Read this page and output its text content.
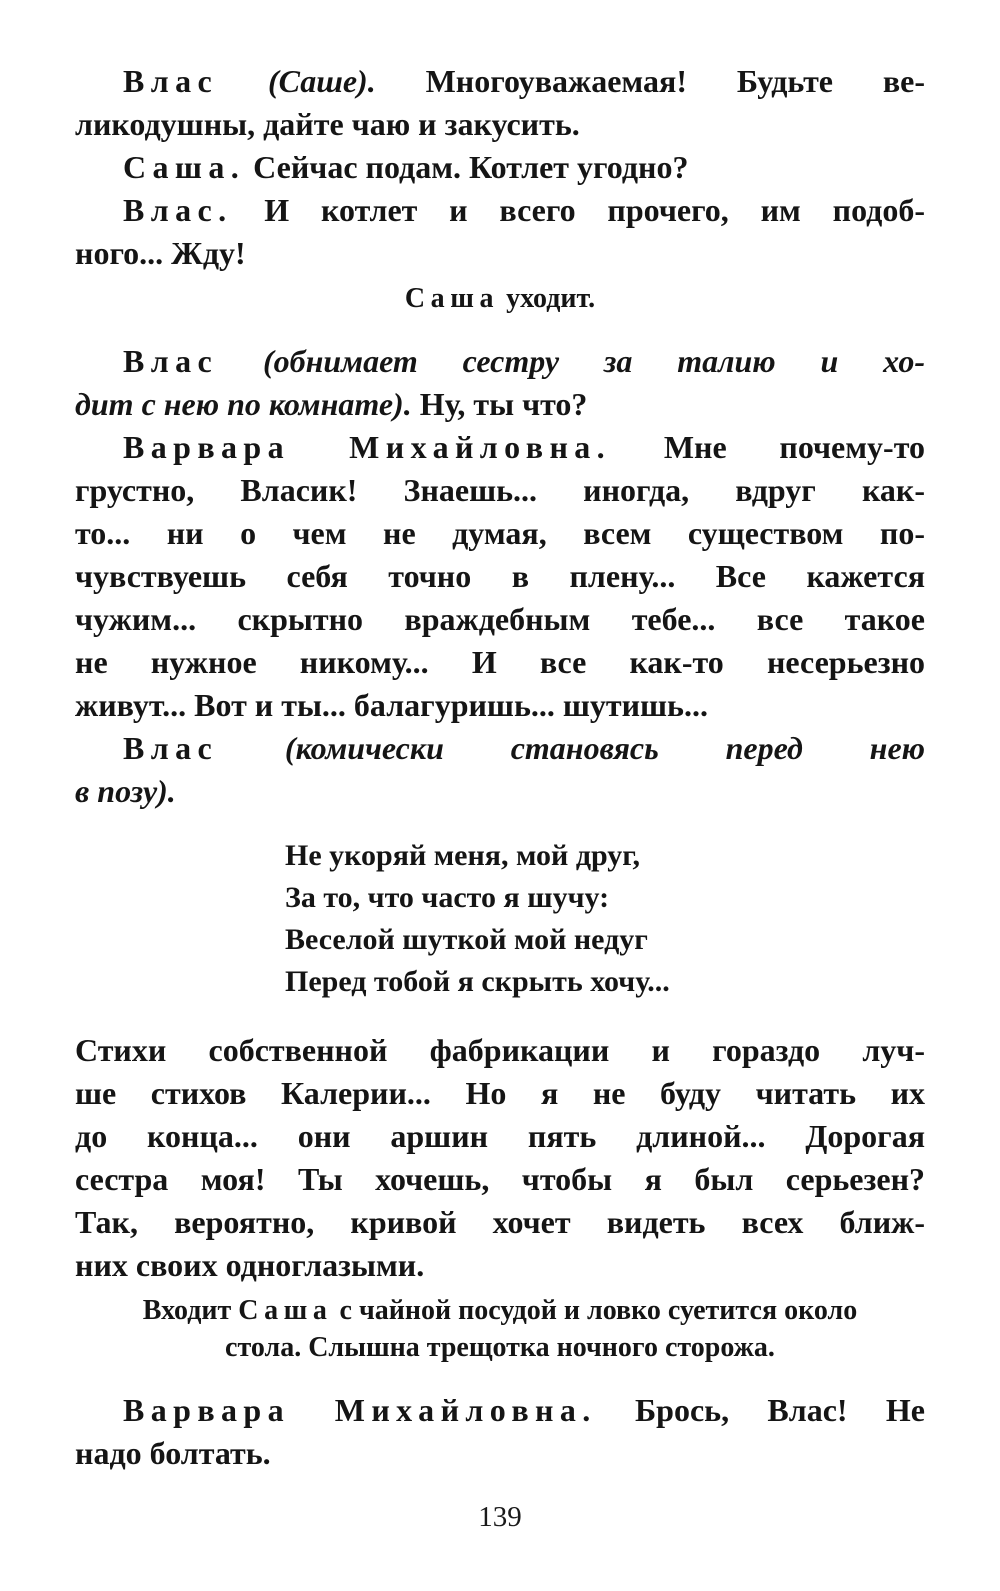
Влас (Саше). Многоуважаемая! Будьте ве-
ликодушны, дайте чаю и закусить.
Саша. Сейчас подам. Котлет угодно?
Влас. И котлет и всего прочего, им подоб-
ного... Жду!
Саша уходит.
Влас (обнимает сестру за талию и хо-
дит с нею по комнате). Ну, ты что?
Варвара Михайловна. Мне почему-то
грустно, Власик! Знаешь... иногда, вдруг как-
то... ни о чем не думая, всем существом по-
чувствуешь себя точно в плену... Все кажется
чужим... скрытно враждебным тебе... все такое
не нужное никому... И все как-то несерьезно
живут... Вот и ты... балагуришь... шутишь...
Влас (комически становясь перед нею
в позу).
Не укоряй меня, мой друг,
За то, что часто я шучу:
Веселой шуткой мой недуг
Перед тобой я скрыть хочу...
Стихи собственной фабрикации и гораздо луч-
ше стихов Калерии... Но я не буду читать их
до конца... они аршин пять длиной... Дорогая
сестра моя! Ты хочешь, чтобы я был серьезен?
Так, вероятно, кривой хочет видеть всех ближ-
них своих одноглазыми.
Входит Саша с чайной посудой и ловко суетится около
стола. Слышна трещотка ночного сторожа.
Варвара Михайловна. Брось, Влас! Не
надо болтать.
139
